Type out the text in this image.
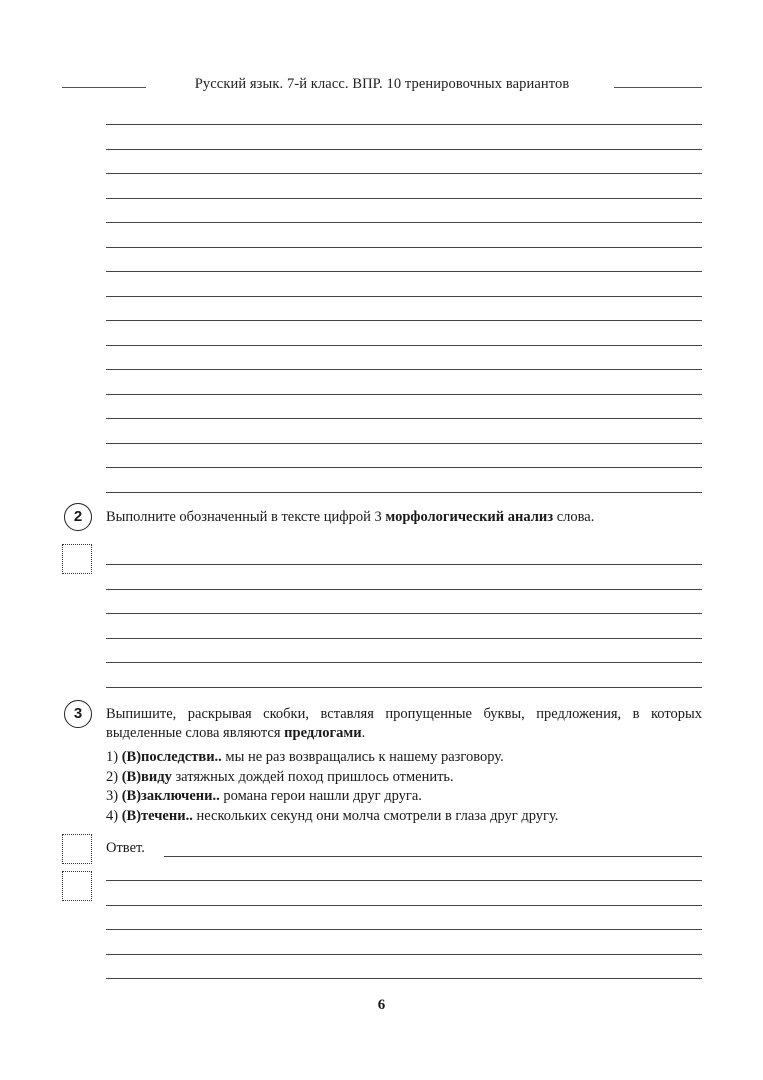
Русский язык. 7-й класс. ВПР. 10 тренировочных вариантов
2	Выполните обозначенный в тексте цифрой 3 морфологический анализ слова.
3	Выпишите, раскрывая скобки, вставляя пропущенные буквы, предложения, в которых выделенные слова являются предлогами.
1) (В)последстви.. мы не раз возвращались к нашему разговору.
2) (В)виду затяжных дождей поход пришлось отменить.
3) (В)заключени.. романа герои нашли друг друга.
4) (В)течени.. нескольких секунд они молча смотрели в глаза друг другу.
Ответ.
6
